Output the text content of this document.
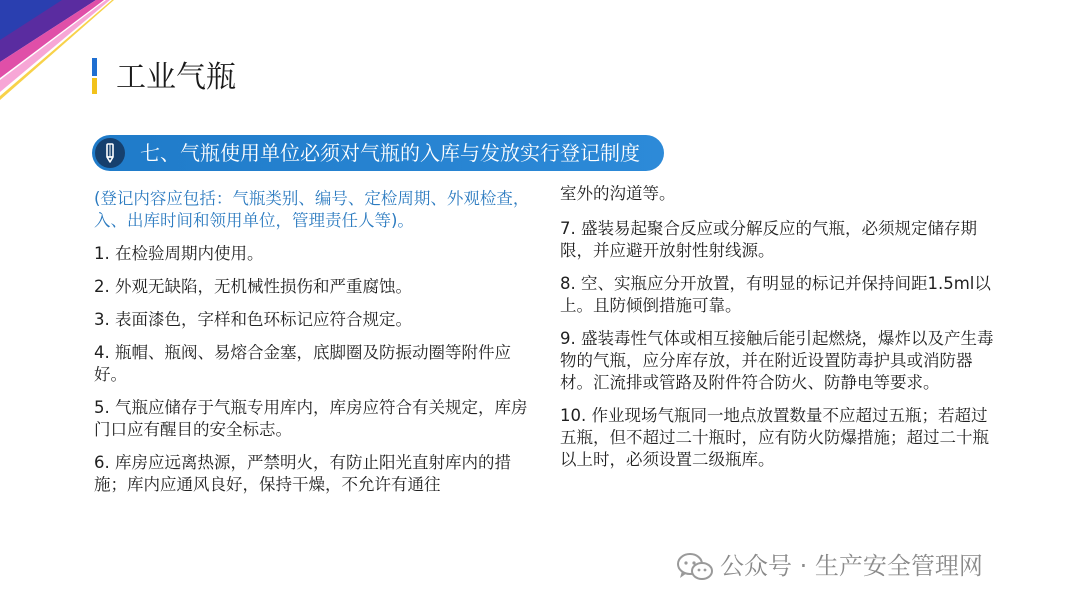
工业气瓶
七、气瓶使用单位必须对气瓶的入库与发放实行登记制度

(登记内容应包括：气瓶类别、编号、定检周期、外观检查，入、出库时间和领用单位，管理责任人等)。

1. 在检验周期内使用。

2. 外观无缺陷，无机械性损伤和严重腐蚀。

3. 表面漆色，字样和色环标记应符合规定。

4. 瓶帽、瓶阀、易熔合金塞，底脚圈及防振动圈等附件应好。

5. 气瓶应储存于气瓶专用库内，库房应符合有关规定，库房门口应有醒目的安全标志。

6. 库房应远离热源，严禁明火，有防止阳光直射库内的措施；库内应通风良好，保持干燥，不允许有通往

室外的沟道等。

7. 盛装易起聚合反应或分解反应的气瓶，必须规定储存期限，并应避开放射性射线源。

8. 空、实瓶应分开放置，有明显的标记并保持间距1.5ml以上。且防倾倒措施可靠。

9. 盛装毒性气体或相互接触后能引起燃烧，爆炸以及产生毒物的气瓶，应分库存放，并在附近设置防毒护具或消防器材。汇流排或管路及附件符合防火、防静电等要求。

10. 作业现场气瓶同一地点放置数量不应超过五瓶；若超过五瓶，但不超过二十瓶时，应有防火防爆措施；超过二十瓶以上时，必须设置二级瓶库。

公众号 · 生产安全管理网
